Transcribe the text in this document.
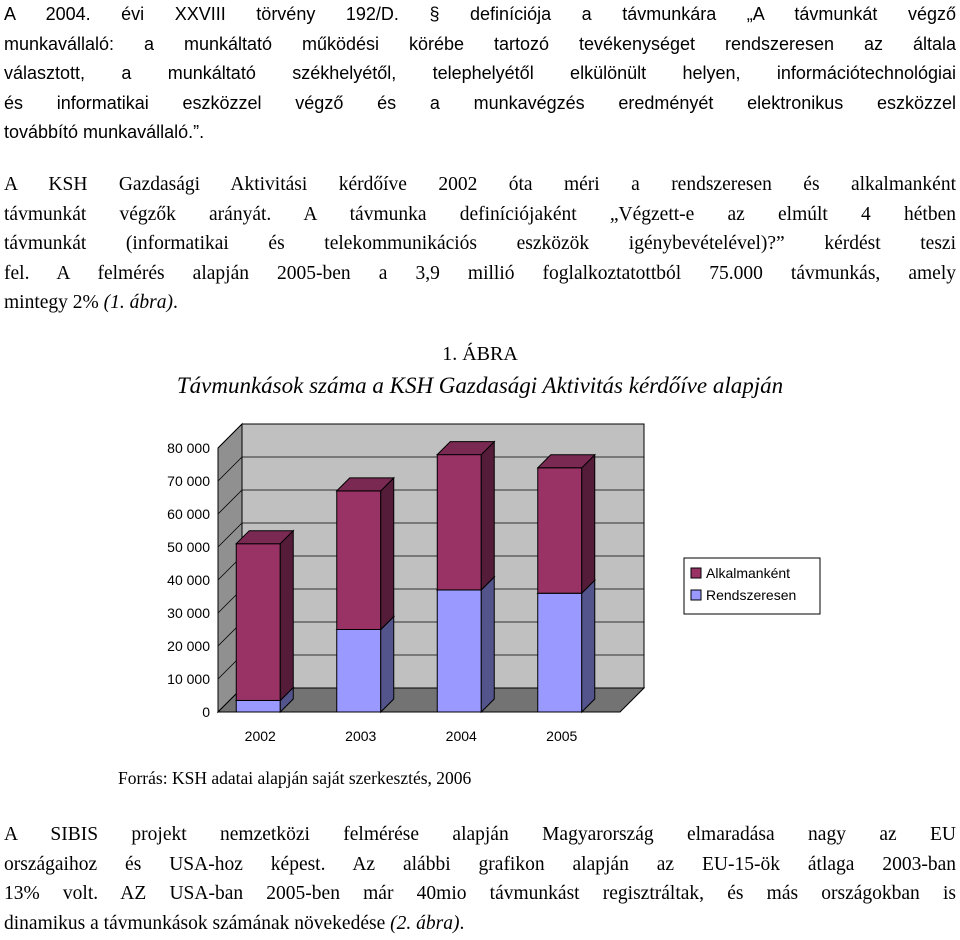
A 2004. évi XXVIII törvény 192/D. § definíciója a távmunkára „A távmunkát végző
munkavállaló: a munkáltató működési körébe tartozó tevékenységet rendszeresen az általa
választott, a munkáltató székhelyétől, telephelyétől elkülönült helyen, információtechnológiai
és informatikai eszközzel végző és a munkavégzés eredményét elektronikus eszközzel
továbbító munkavállaló.”.
A KSH Gazdasági Aktivitási kérdőíve 2002 óta méri a rendszeresen és alkalmanként
távmunkát végzők arányát. A távmunka definíciójaként „Végzett-e az elmúlt 4 hétben
távmunkát (informatikai és telekommunikációs eszközök igénybevételével)?” kérdést teszi
fel. A felmérés alapján 2005-ben a 3,9 millió foglalkoztatottból 75.000 távmunkás, amely
mintegy 2% (1. ábra).
1. ÁBRA
Távmunkások száma a KSH Gazdasági Aktivitás kérdőíve alapján
0
10 000
20 000
30 000
40 000
50 000
60 000
70 000
80 000
2002	2003	2004	2005
Alkalmanként
Rendszeresen
Forrás: KSH adatai alapján saját szerkesztés, 2006
A SIBIS projekt nemzetközi felmérése alapján Magyarország elmaradása nagy az EU
országaihoz és USA-hoz képest. Az alábbi grafikon alapján az EU-15-ök átlaga 2003-ban
13% volt. AZ USA-ban 2005-ben már 40mio távmunkást regisztráltak, és más országokban is
dinamikus a távmunkások számának növekedése (2. ábra).
